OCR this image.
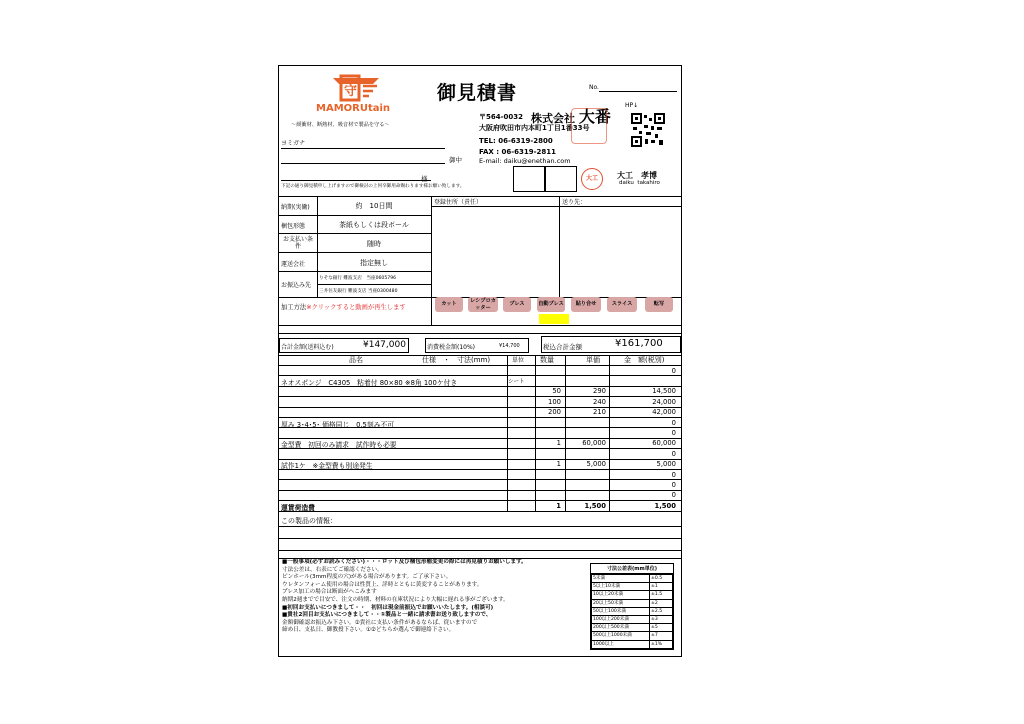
守
MAMORUtain
～緩衝材、断熱材、吸音材で製品を守る～
御見積書	No.
HP↓
株式会社 大番
〒564-0032
大阪府吹田市内本町1丁目1番33号
TEL: 06-6319-2800
FAX : 06-6319-2811
E-mail: daiku@enethan.com
ヨミガナ
御中
様
下記の通り御見積申し上げますので御検討の上何卒御用命賜わります様お願い致します。
大工	大工　孝博
daiku takahiro
納期(実働)	約　10日間
梱包形態	茶紙もしくは段ボール
お支払い条件	随時
運送会社	指定無し
お振込み先
りそな銀行 難波支店　当座0605796
三井住友銀行 難波支店 当座0300480
登録住所（責任）	送り先：
加工方法※クリックすると動画が再生します	カット
レシプロカッター
プレス	自動プレス	貼り合せ	スライス	転写
合計金額(送料込む)	¥147,000	消費税金額(10%)	¥14,700	税込合計金額	¥161,700
品名	仕様　・　寸法(mm)	単位 数量	単価	金　額(税別)
0
ネオスポンジ　C4305　粘着付 80×80 ※8角 100ケ付き	シート
50	290	14,500
100	240	24,000
200	210	42,000
厚み 3･4･5･ 価格同じ　0.5刻み不可	0
0
金型費　初回のみ請求　試作時も必要	1	60,000	60,000
0
試作1ケ　※金型費も別途発生	1	5,000	5,000
0
0
0
運賃荷造費	1	1,500	1,500
この製品の情報：
■一般事項(必ずお読みください)・・・ロット及び梱包形態変更の際には再見積りお願いします。
寸法公差は、右表にてご確認ください。
ピンホール(3mm程度の穴)がある場合があります。ご了承下さい。
ウレタンフォーム使用の場合は性質上、詳時とともに黄変することがあります。
プレス加工の場合は断面がへこみます
納期2週までで目安で、注文の時期、材料の在庫状況により大幅に遅れる事がございます。
■初回お支払いにつきまして・・　初回は現金前振込でお願いいたします。(相談可)
■貴社2回目お支払いにつきまして・・①製品と一緒に請求書お送り致しますので、
金額御確認お振込み下さい。②貴社に支払い条件があるならば、従いますので
締め日、支払日、御教授下さい。①②どちらか選んで御連絡下さい。
寸法公差表(mm単位)
5未満	±0.5
5以上10未満	±1
10以上20未満	±1.5
20以上50未満	±2
50以上100未満	±2.5
100以上200未満	±3
200以上500未満	±5
500以上1000未満	±7
1000以上	±1%
